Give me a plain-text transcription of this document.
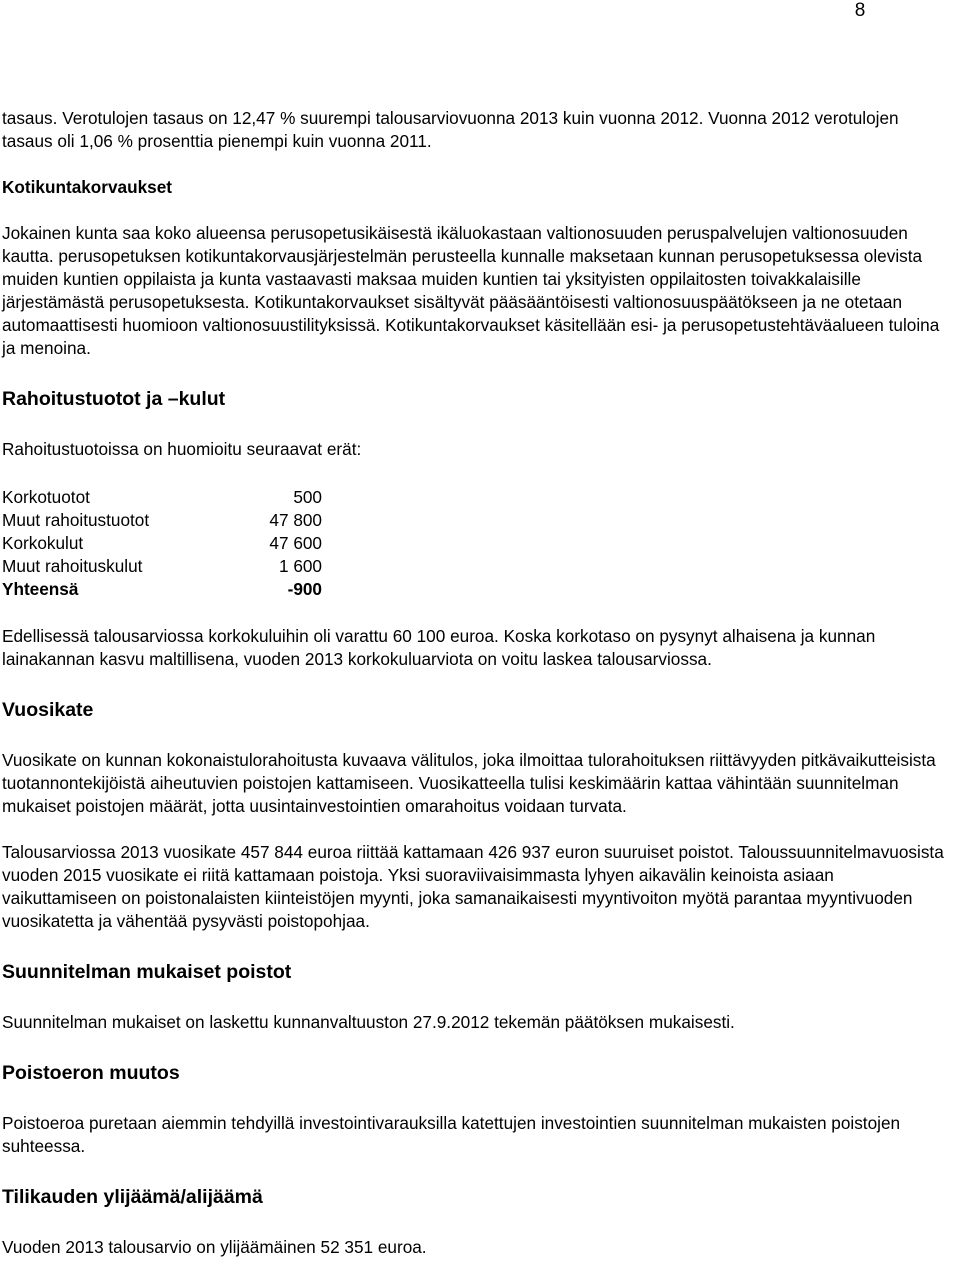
8

tasaus. Verotulojen tasaus on 12,47 % suurempi talousarviovuonna 2013 kuin vuonna 2012. Vuonna 2012 verotulojen tasaus oli 1,06 % prosenttia pienempi kuin vuonna 2011.

Kotikuntakorvaukset

Jokainen kunta saa koko alueensa perusopetusikäisestä ikäluokastaan valtionosuuden peruspalvelujen valtionosuuden kautta. perusopetuksen kotikuntakorvausjärjestelmän perusteella kunnalle maksetaan kunnan perusopetuksessa olevista muiden kuntien oppilaista ja kunta vastaavasti maksaa muiden kuntien tai yksityisten oppilaitosten toivakkalaisille järjestämästä perusopetuksesta. Kotikuntakorvaukset sisältyvät pääsääntöisesti valtionosuuspäätökseen ja ne otetaan automaattisesti huomioon valtionosuustilityksissä. Kotikuntakorvaukset käsitellään esi- ja perusopetustehtäväalueen tuloina ja menoina.

Rahoitustuotot ja –kulut

Rahoitustuotoissa on huomioitu seuraavat erät:

Korkotuotot	500
Muut rahoitustuotot	47 800
Korkokulut	47 600
Muut rahoituskulut	1 600
Yhteensä	-900

Edellisessä talousarviossa korkokuluihin oli varattu 60 100 euroa. Koska korkotaso on pysynyt alhaisena ja kunnan lainakannan kasvu maltillisena, vuoden 2013 korkokuluarviota on voitu laskea talousarviossa.

Vuosikate

Vuosikate on kunnan kokonaistulorahoitusta kuvaava välitulos, joka ilmoittaa tulorahoituksen riittävyyden pitkävaikutteisista tuotannontekijöistä aiheutuvien poistojen kattamiseen. Vuosikatteella tulisi keskimäärin kattaa vähintään suunnitelman mukaiset poistojen määrät, jotta uusintainvestointien omarahoitus voidaan turvata.

Talousarviossa 2013 vuosikate 457 844 euroa riittää kattamaan 426 937 euron suuruiset poistot. Taloussuunnitelmavuosista vuoden 2015 vuosikate ei riitä kattamaan poistoja. Yksi suoraviivaisimmasta lyhyen aikavälin keinoista asiaan vaikuttamiseen on poistonalaisten kiinteistöjen myynti, joka samanaikaisesti myyntivoiton myötä parantaa myyntivuoden vuosikatetta ja vähentää pysyvästi poistopohjaa.

Suunnitelman mukaiset poistot

Suunnitelman mukaiset on laskettu kunnanvaltuuston 27.9.2012 tekemän päätöksen mukaisesti.

Poistoeron muutos

Poistoeroa puretaan aiemmin tehdyillä investointivarauksilla katettujen investointien suunnitelman mukaisten poistojen suhteessa.

Tilikauden ylijäämä/alijäämä

Vuoden 2013 talousarvio on ylijäämäinen 52 351 euroa.
